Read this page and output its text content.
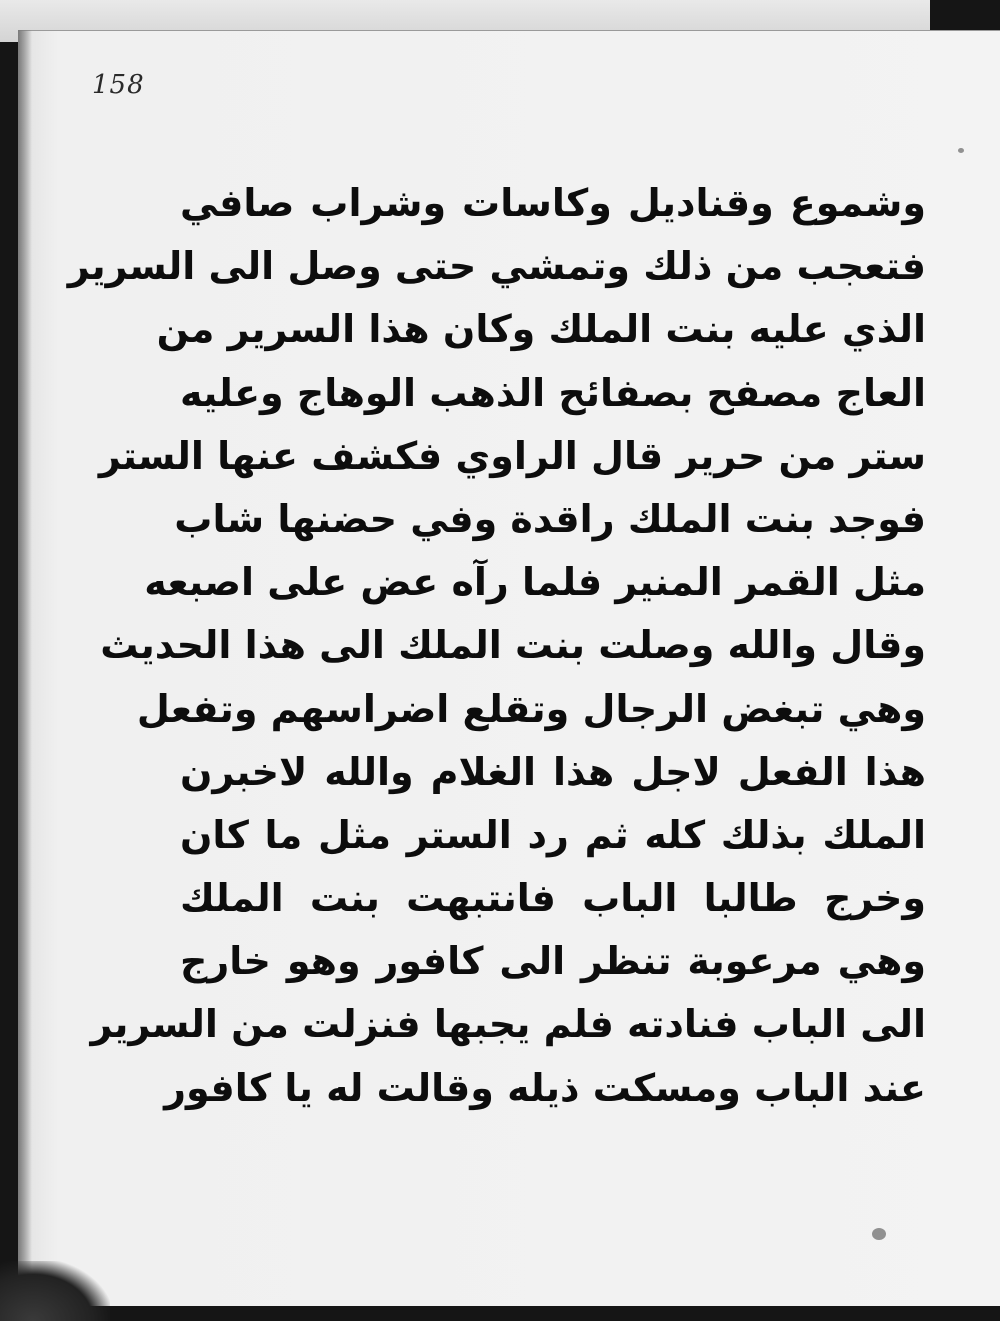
158
وشموع وقناديل وكاسات وشراب صافي
فتعجب من ذلك وتمشي حتى وصل الى السرير
الذي عليه بنت الملك وكان هذا السرير من
العاج مصفح بصفائح الذهب الوهاج وعليه
ستر من حرير قال الراوي فكشف عنها الستر
فوجد بنت الملك راقدة وفي حضنها شاب
مثل القمر المنير فلما رآه عض على اصبعه
وقال والله وصلت بنت الملك الى هذا الحديث
وهي تبغض الرجال وتقلع اضراسهم وتفعل
هذا الفعل لاجل هذا الغلام والله لاخبرن
الملك بذلك كله ثم رد الستر مثل ما كان
وخرج طالبا الباب فانتبهت بنت الملك
وهي مرعوبة تنظر الى كافور وهو خارج
الى الباب فنادته فلم يجبها فنزلت من السرير
عند الباب ومسكت ذيله وقالت له يا كافور
